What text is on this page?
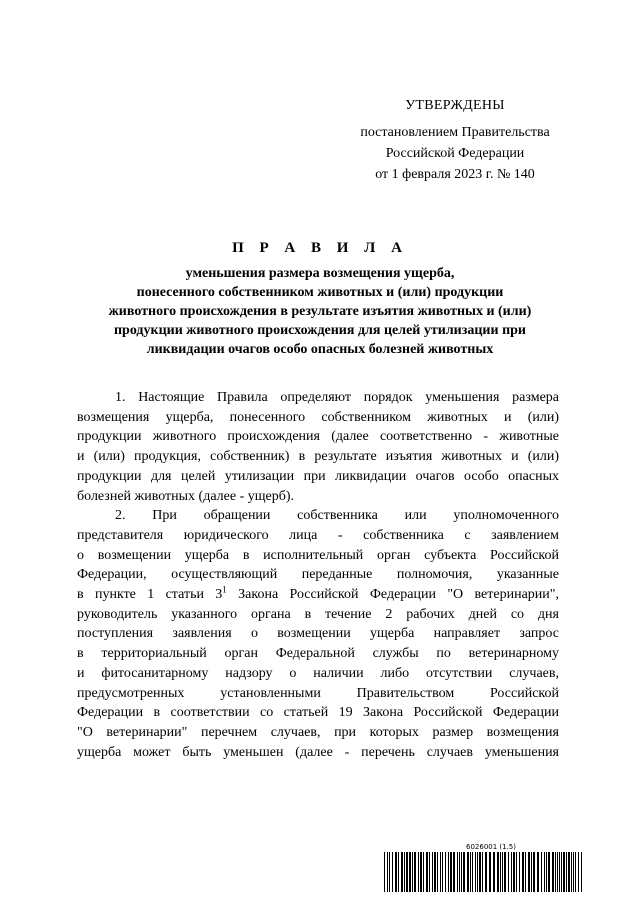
УТВЕРЖДЕНЫ
постановлением Правительства
Российской Федерации
от 1 февраля 2023 г. № 140
П Р А В И Л А
уменьшения размера возмещения ущерба,
понесенного собственником животных и (или) продукции
животного происхождения в результате изъятия животных и (или)
продукции животного происхождения для целей утилизации при
ликвидации очагов особо опасных болезней животных
1. Настоящие Правила определяют порядок уменьшения размера
возмещения ущерба, понесенного собственником животных и (или)
продукции животного происхождения (далее соответственно - животные
и (или) продукция, собственник) в результате изъятия животных и (или)
продукции для целей утилизации при ликвидации очагов особо опасных
болезней животных (далее - ущерб).
2. При обращении собственника или уполномоченного
представителя юридического лица - собственника с заявлением
о возмещении ущерба в исполнительный орган субъекта Российской
Федерации, осуществляющий переданные полномочия, указанные
в пункте 1 статьи $3^1$ Закона Российской Федерации "О ветеринарии",
руководитель указанного органа в течение 2 рабочих дней со дня
поступления заявления о возмещении ущерба направляет запрос
в территориальный орган Федеральной службы по ветеринарному
и фитосанитарному надзору о наличии либо отсутствии случаев,
предусмотренных установленными Правительством Российской
Федерации в соответствии со статьей 19 Закона Российской Федерации
"О ветеринарии" перечнем случаев, при которых размер возмещения
ущерба может быть уменьшен (далее - перечень случаев уменьшения
6026001 (1.5)
